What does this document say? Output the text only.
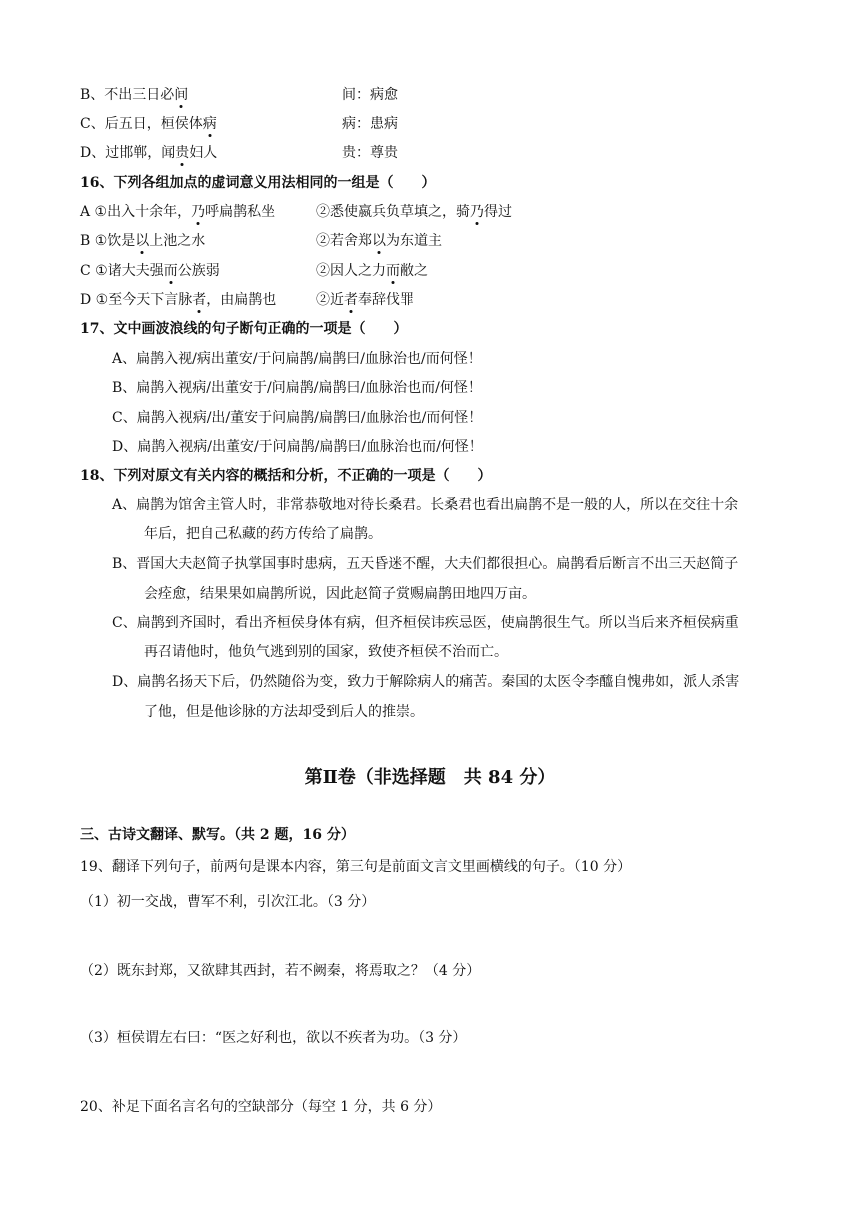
B、不出三日必间	间：病愈
C、后五日，桓侯体病	病：患病
D、过邯郸，闻贵妇人	贵：尊贵
16、下列各组加点的虚词意义用法相同的一组是（　　）
A ①出入十余年，乃呼扁鹊私坐	②悉使嬴兵负草填之，骑乃得过
B ①饮是以上池之水	②若舍郑以为东道主
C ①诸大夫强而公族弱	②因人之力而敝之
D ①至今天下言脉者，由扁鹊也	②近者奉辞伐罪
17、文中画波浪线的句子断句正确的一项是（　　）
A、扁鹊入视/病出董安/于问扁鹊/扁鹊曰/血脉治也/而何怪！
B、扁鹊入视病/出董安于/问扁鹊/扁鹊曰/血脉治也而/何怪！
C、扁鹊入视病/出/董安于问扁鹊/扁鹊曰/血脉治也/而何怪！
D、扁鹊入视病/出董安/于问扁鹊/扁鹊曰/血脉治也而/何怪！
18、下列对原文有关内容的概括和分析，不正确的一项是（　　）
A、扁鹊为馆舍主管人时，非常恭敬地对待长桑君。长桑君也看出扁鹊不是一般的人，所以在交往十余
年后，把自己私藏的药方传给了扁鹊。
B、晋国大夫赵简子执掌国事时患病，五天昏迷不醒，大夫们都很担心。扁鹊看后断言不出三天赵简子
会痊愈，结果果如扁鹊所说，因此赵简子赏赐扁鹊田地四万亩。
C、扁鹊到齐国时，看出齐桓侯身体有病，但齐桓侯讳疾忌医，使扁鹊很生气。所以当后来齐桓侯病重
再召请他时，他负气逃到别的国家，致使齐桓侯不治而亡。
D、扁鹊名扬天下后，仍然随俗为变，致力于解除病人的痛苦。秦国的太医令李醯自愧弗如，派人杀害
了他，但是他诊脉的方法却受到后人的推崇。
第Ⅱ卷（非选择题　共 84 分）
三、古诗文翻译、默写。（共 2 题，16 分）
19、翻译下列句子，前两句是课本内容，第三句是前面文言文里画横线的句子。（10 分）
（1）初一交战，曹军不利，引次江北。（3 分）
（2）既东封郑，又欲肆其西封，若不阙秦，将焉取之？（4 分）
（3）桓侯谓左右曰：“医之好利也，欲以不疾者为功。（3 分）
20、补足下面名言名句的空缺部分（每空 1 分，共 6 分）
